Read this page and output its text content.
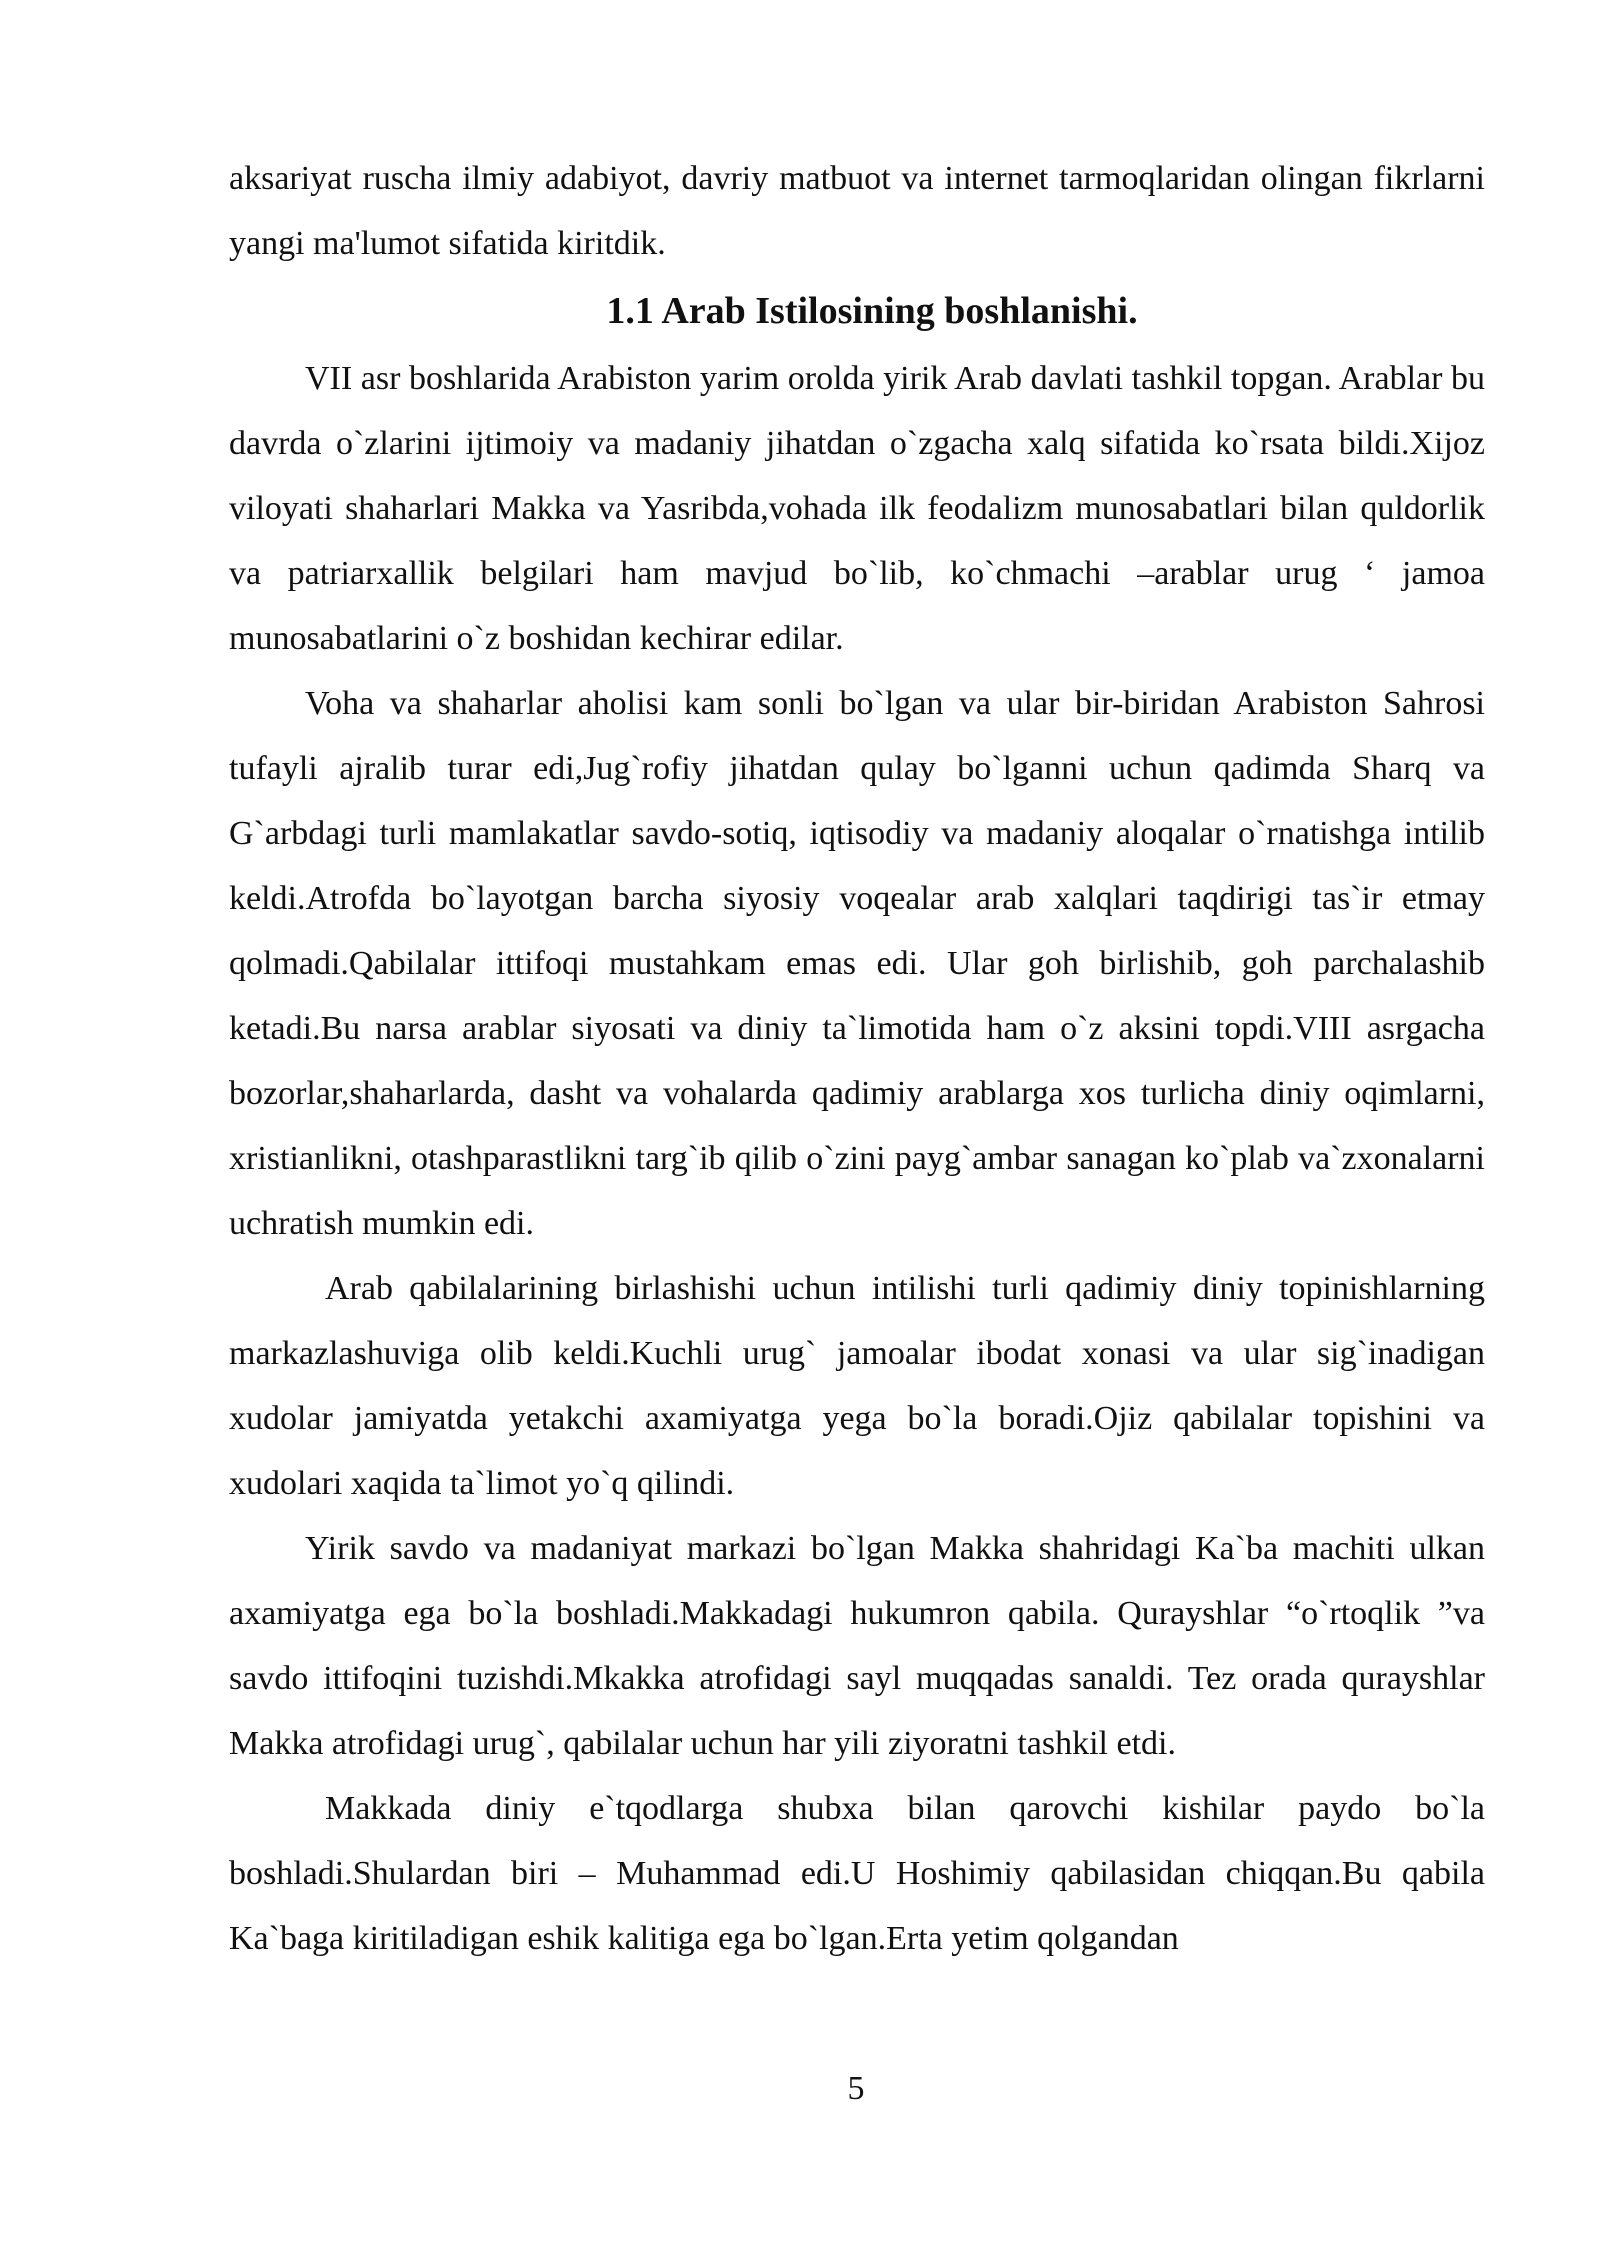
aksariyat ruscha ilmiy adabiyot, davriy matbuot va internet tarmoqlaridan olingan fikrlarni yangi ma'lumot sifatida kiritdik.

1.1 Arab Istilosining boshlanishi.

VII asr boshlarida Arabiston yarim orolda yirik Arab davlati tashkil topgan. Arablar bu davrda o`zlarini ijtimoiy va madaniy jihatdan o`zgacha xalq sifatida ko`rsata bildi.Xijoz viloyati shaharlari Makka va Yasribda,vohada ilk feodalizm munosabatlari bilan quldorlik va patriarxallik belgilari ham mavjud bo`lib, ko`chmachi –arablar urug ‘ jamoa munosabatlarini o`z boshidan kechirar edilar.

Voha va shaharlar aholisi kam sonli bo`lgan va ular bir-biridan Arabiston Sahrosi tufayli ajralib turar edi,Jug`rofiy jihatdan qulay bo`lganni uchun qadimda Sharq va G`arbdagi turli mamlakatlar savdo-sotiq, iqtisodiy va madaniy aloqalar o`rnatishga intilib keldi.Atrofda bo`layotgan barcha siyosiy voqealar arab xalqlari taqdirigi tas`ir etmay qolmadi.Qabilalar ittifoqi mustahkam emas edi. Ular goh birlishib, goh parchalashib ketadi.Bu narsa arablar siyosati va diniy ta`limotida ham o`z aksini topdi.VIII asrgacha bozorlar,shaharlarda, dasht va vohalarda qadimiy arablarga xos turlicha diniy oqimlarni, xristianlikni, otashparastlikni targ`ib qilib o`zini payg`ambar sanagan ko`plab va`zxonalarni uchratish mumkin edi.

Arab qabilalarining birlashishi uchun intilishi turli qadimiy diniy topinishlarning markazlashuviga olib keldi.Kuchli urug` jamoalar ibodat xonasi va ular sig`inadigan xudolar jamiyatda yetakchi axamiyatga yega bo`la boradi.Ojiz qabilalar topishini va xudolari xaqida ta`limot yo`q qilindi.

Yirik savdo va madaniyat markazi bo`lgan Makka shahridagi Ka`ba machiti ulkan axamiyatga ega bo`la boshladi.Makkadagi hukumron qabila. Qurayshlar “o`rtoqlik ”va savdo ittifoqini tuzishdi.Mkakka atrofidagi sayl muqqadas sanaldi. Tez orada qurayshlar Makka atrofidagi urug`, qabilalar uchun har yili ziyoratni tashkil etdi.

Makkada diniy e`tqodlarga shubxa bilan qarovchi kishilar paydo bo`la boshladi.Shulardan biri – Muhammad edi.U Hoshimiy qabilasidan chiqqan.Bu qabila Ka`baga kiritiladigan eshik kalitiga ega bo`lgan.Erta yetim qolgandan

5
